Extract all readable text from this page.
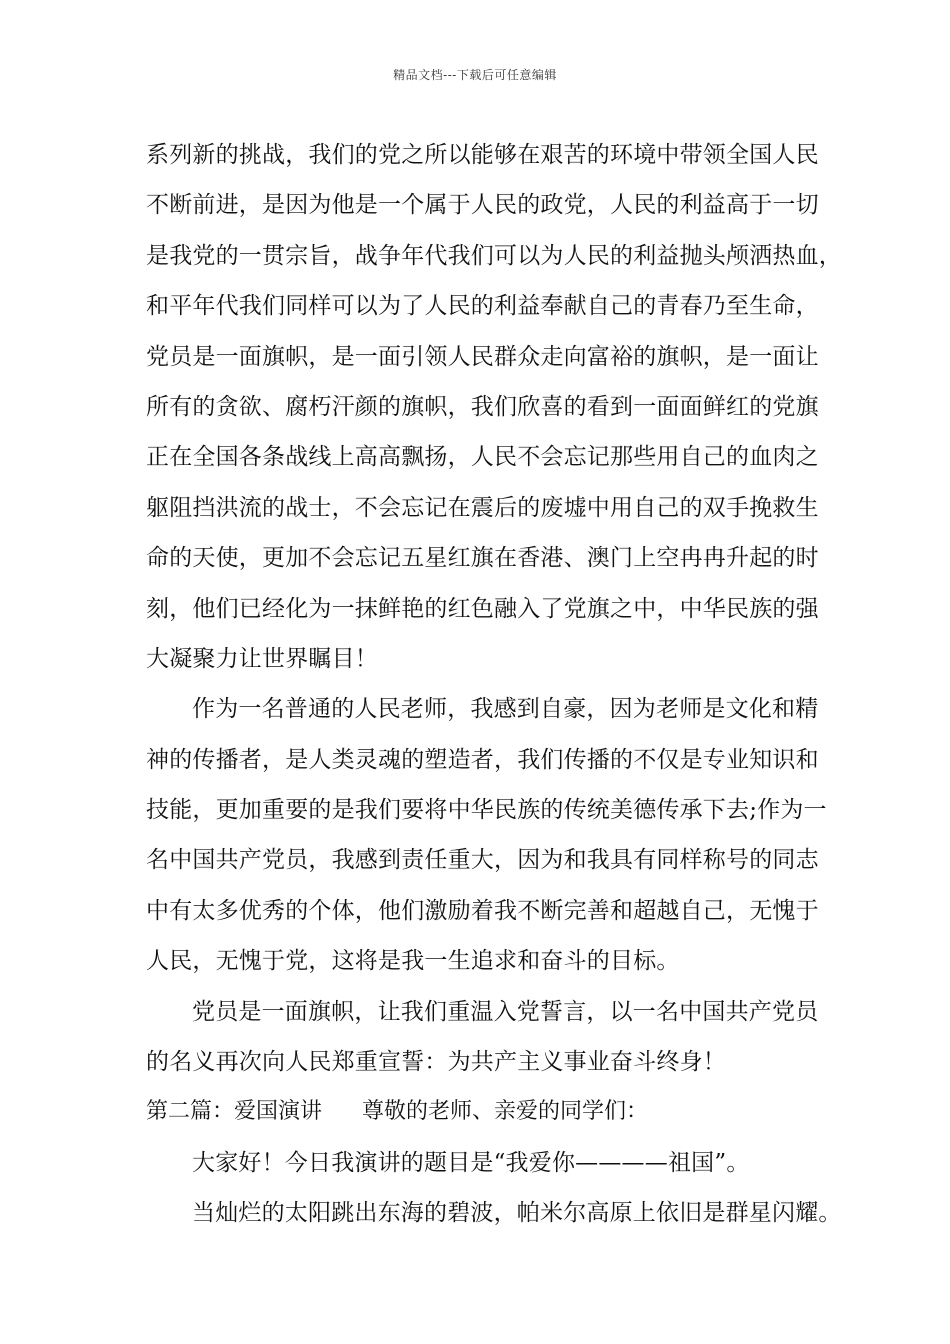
精品文档---下载后可任意编辑
系列新的挑战，我们的党之所以能够在艰苦的环境中带领全国人民
不断前进，是因为他是一个属于人民的政党，人民的利益高于一切
是我党的一贯宗旨，战争年代我们可以为人民的利益抛头颅洒热血，
和平年代我们同样可以为了人民的利益奉献自己的青春乃至生命，
党员是一面旗帜，是一面引领人民群众走向富裕的旗帜，是一面让
所有的贪欲、腐朽汗颜的旗帜，我们欣喜的看到一面面鲜红的党旗
正在全国各条战线上高高飘扬，人民不会忘记那些用自己的血肉之
躯阻挡洪流的战士，不会忘记在震后的废墟中用自己的双手挽救生
命的天使，更加不会忘记五星红旗在香港、澳门上空冉冉升起的时
刻，他们已经化为一抹鲜艳的红色融入了党旗之中，中华民族的强
大凝聚力让世界瞩目！
作为一名普通的人民老师，我感到自豪，因为老师是文化和精
神的传播者，是人类灵魂的塑造者，我们传播的不仅是专业知识和
技能，更加重要的是我们要将中华民族的传统美德传承下去;作为一
名中国共产党员，我感到责任重大，因为和我具有同样称号的同志
中有太多优秀的个体，他们激励着我不断完善和超越自己，无愧于
人民，无愧于党，这将是我一生追求和奋斗的目标。
党员是一面旗帜，让我们重温入党誓言，以一名中国共产党员
的名义再次向人民郑重宣誓：为共产主义事业奋斗终身！
第二篇：爱国演讲 尊敬的老师、亲爱的同学们：
大家好！今日我演讲的题目是“我爱你————祖国”。
当灿烂的太阳跳出东海的碧波，帕米尔高原上依旧是群星闪耀。
